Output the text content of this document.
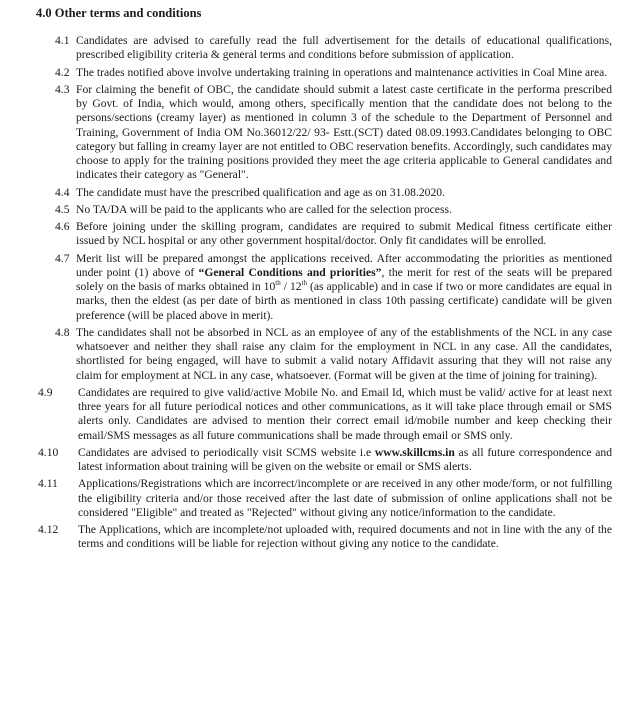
4.0 Other terms and conditions
4.1 Candidates are advised to carefully read the full advertisement for the details of educational qualifications, prescribed eligibility criteria & general terms and conditions before submission of application.
4.2 The trades notified above involve undertaking training in operations and maintenance activities in Coal Mine area.
4.3 For claiming the benefit of OBC, the candidate should submit a latest caste certificate in the performa prescribed by Govt. of India, which would, among others, specifically mention that the candidate does not belong to the persons/sections (creamy layer) as mentioned in column 3 of the schedule to the Department of Personnel and Training, Government of India OM No.36012/22/ 93- Estt.(SCT) dated 08.09.1993.Candidates belonging to OBC category but falling in creamy layer are not entitled to OBC reservation benefits. Accordingly, such candidates may choose to apply for the training positions provided they meet the age criteria applicable to General candidates and indicates their category as "General".
4.4 The candidate must have the prescribed qualification and age as on 31.08.2020.
4.5 No TA/DA will be paid to the applicants who are called for the selection process.
4.6 Before joining under the skilling program, candidates are required to submit Medical fitness certificate either issued by NCL hospital or any other government hospital/doctor. Only fit candidates will be enrolled.
4.7 Merit list will be prepared amongst the applications received. After accommodating the priorities as mentioned under point (1) above of “General Conditions and priorities”, the merit for rest of the seats will be prepared solely on the basis of marks obtained in 10th / 12th (as applicable) and in case if two or more candidates are equal in marks, then the eldest (as per date of birth as mentioned in class 10th passing certificate) candidate will be given preference (will be placed above in merit).
4.8 The candidates shall not be absorbed in NCL as an employee of any of the establishments of the NCL in any case whatsoever and neither they shall raise any claim for the employment in NCL in any case. All the candidates, shortlisted for being engaged, will have to submit a valid notary Affidavit assuring that they will not raise any claim for employment at NCL in any case, whatsoever. (Format will be given at the time of joining for training).
4.9 Candidates are required to give valid/active Mobile No. and Email Id, which must be valid/ active for at least next three years for all future periodical notices and other communications, as it will take place through email or SMS alerts only. Candidates are advised to mention their correct email id/mobile number and keep checking their email/SMS messages as all future communications shall be made through email or SMS only.
4.10 Candidates are advised to periodically visit SCMS website i.e www.skillcms.in as all future correspondence and latest information about training will be given on the website or email or SMS alerts.
4.11 Applications/Registrations which are incorrect/incomplete or are received in any other mode/form, or not fulfilling the eligibility criteria and/or those received after the last date of submission of online applications shall not be considered "Eligible" and treated as "Rejected" without giving any notice/information to the candidate.
4.12 The Applications, which are incomplete/not uploaded with, required documents and not in line with the any of the terms and conditions will be liable for rejection without giving any notice to the candidate.
